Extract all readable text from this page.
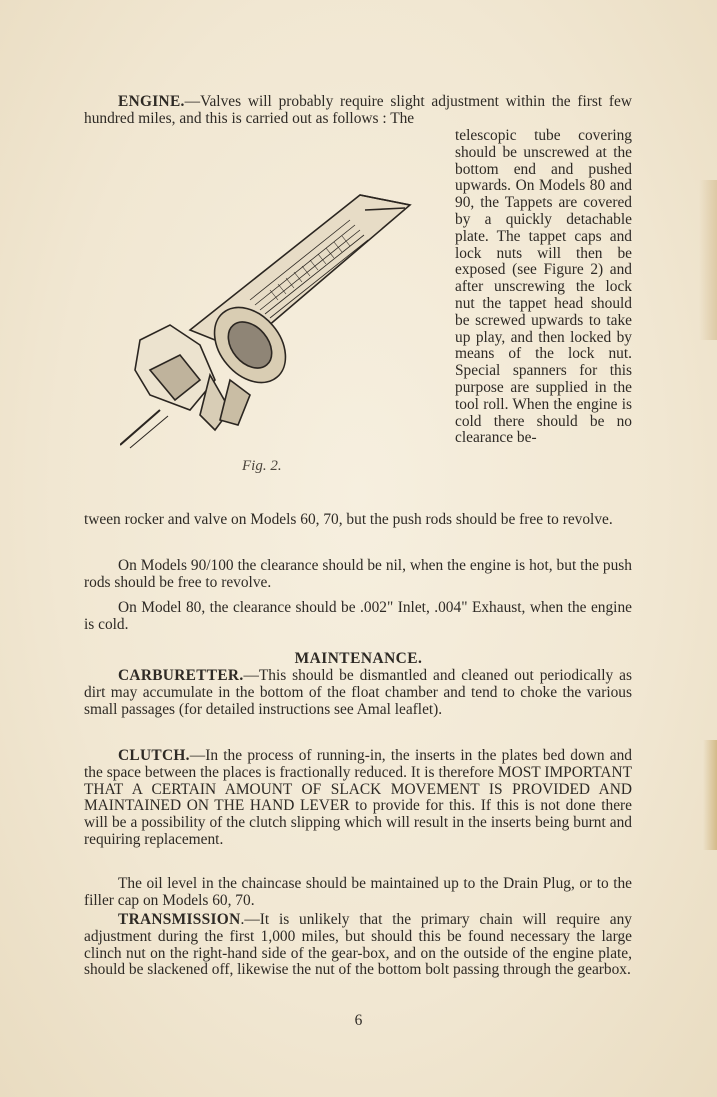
ENGINE.—Valves will probably require slight adjustment within the first few hundred miles, and this is carried out as follows : The

telescopic tube covering should be unscrewed at the bottom end and pushed upwards. On Models 80 and 90, the Tappets are covered by a quickly detachable plate. The tappet caps and lock nuts will then be exposed (see Figure 2) and after unscrewing the lock nut the tappet head should be screwed upwards to take up play, and then locked by means of the lock nut. Special spanners for this purpose are supplied in the tool roll. When the engine is cold there should be no clearance be-
Fig. 2.

tween rocker and valve on Models 60, 70, but the push rods should be free to revolve.

On Models 90/100 the clearance should be nil, when the engine is hot, but the push rods should be free to revolve.

On Model 80, the clearance should be .002" Inlet, .004" Exhaust, when the engine is cold.

MAINTENANCE.

CARBURETTER.—This should be dismantled and cleaned out periodically as dirt may accumulate in the bottom of the float chamber and tend to choke the various small passages (for detailed instructions see Amal leaflet).

CLUTCH.—In the process of running-in, the inserts in the plates bed down and the space between the places is fractionally reduced. It is therefore MOST IMPORTANT THAT A CERTAIN AMOUNT OF SLACK MOVEMENT IS PROVIDED AND MAINTAINED ON THE HAND LEVER to provide for this. If this is not done there will be a possibility of the clutch slipping which will result in the inserts being burnt and requiring replacement.

The oil level in the chaincase should be maintained up to the Drain Plug, or to the filler cap on Models 60, 70.

TRANSMISSION.—It is unlikely that the primary chain will require any adjustment during the first 1,000 miles, but should this be found necessary the large clinch nut on the right-hand side of the gear-box, and on the outside of the engine plate, should be slackened off, likewise the nut of the bottom bolt passing through the gearbox.

6
